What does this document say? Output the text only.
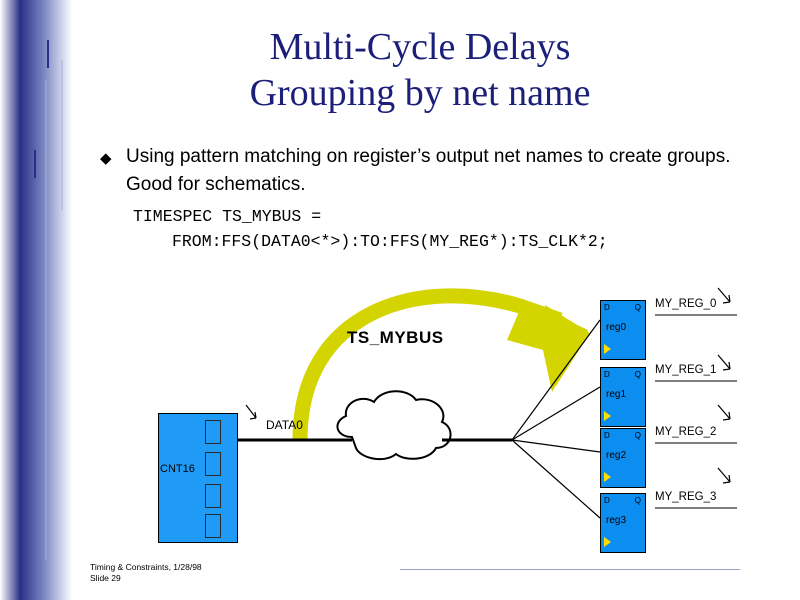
Multi-Cycle Delays
Grouping by net name
◆ Using pattern matching on register’s output net names to create groups. Good for schematics.
TIMESPEC TS_MYBUS =
FROM:FFS(DATA0<*>):TO:FFS(MY_REG*):TS_CLK*2;
TS_MYBUS
DATA0
CNT16
D	Q
reg0
MY_REG_0
D	Q
reg1
MY_REG_1
D	Q
reg2
MY_REG_2
D	Q
reg3
MY_REG_3
Timing & Constraints, 1/28/98
Slide 29
